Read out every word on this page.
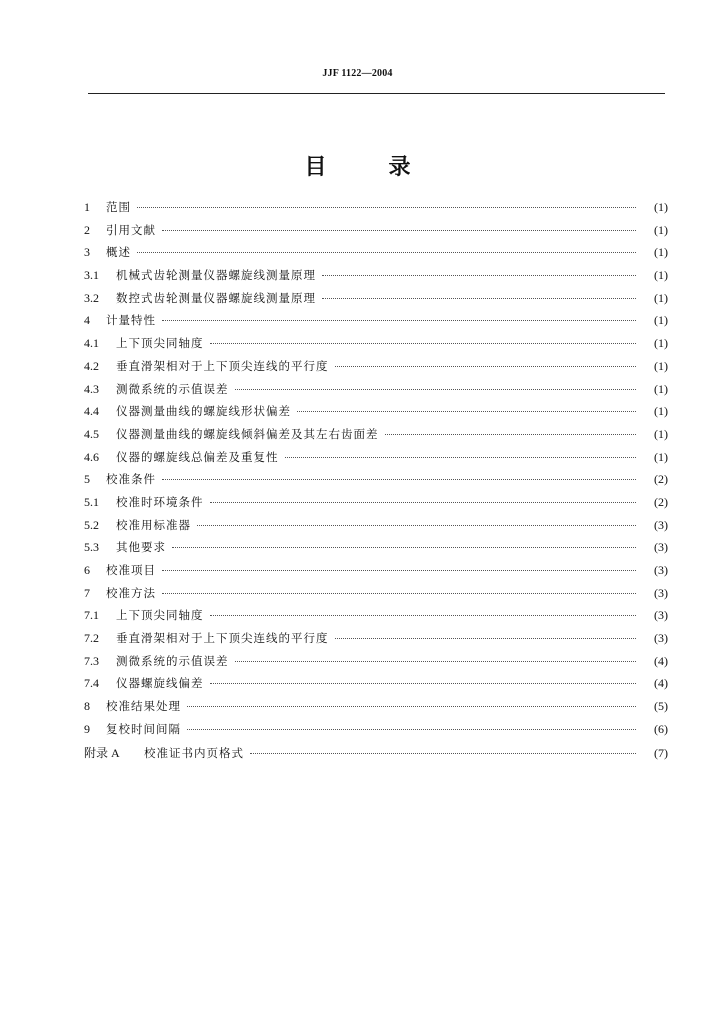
JJF 1122—2004
目	录
1	范围	(1)
2	引用文献	(1)
3	概述	(1)
3.1	机械式齿轮测量仪器螺旋线测量原理	(1)
3.2	数控式齿轮测量仪器螺旋线测量原理	(1)
4	计量特性	(1)
4.1	上下顶尖同轴度	(1)
4.2	垂直滑架相对于上下顶尖连线的平行度	(1)
4.3	测微系统的示值误差	(1)
4.4	仪器测量曲线的螺旋线形状偏差	(1)
4.5	仪器测量曲线的螺旋线倾斜偏差及其左右齿面差	(1)
4.6	仪器的螺旋线总偏差及重复性	(1)
5	校准条件	(2)
5.1	校准时环境条件	(2)
5.2	校准用标准器	(3)
5.3	其他要求	(3)
6	校准项目	(3)
7	校准方法	(3)
7.1	上下顶尖同轴度	(3)
7.2	垂直滑架相对于上下顶尖连线的平行度	(3)
7.3	测微系统的示值误差	(4)
7.4	仪器螺旋线偏差	(4)
8	校准结果处理	(5)
9	复校时间间隔	(6)
附录 A	校准证书内页格式	(7)
